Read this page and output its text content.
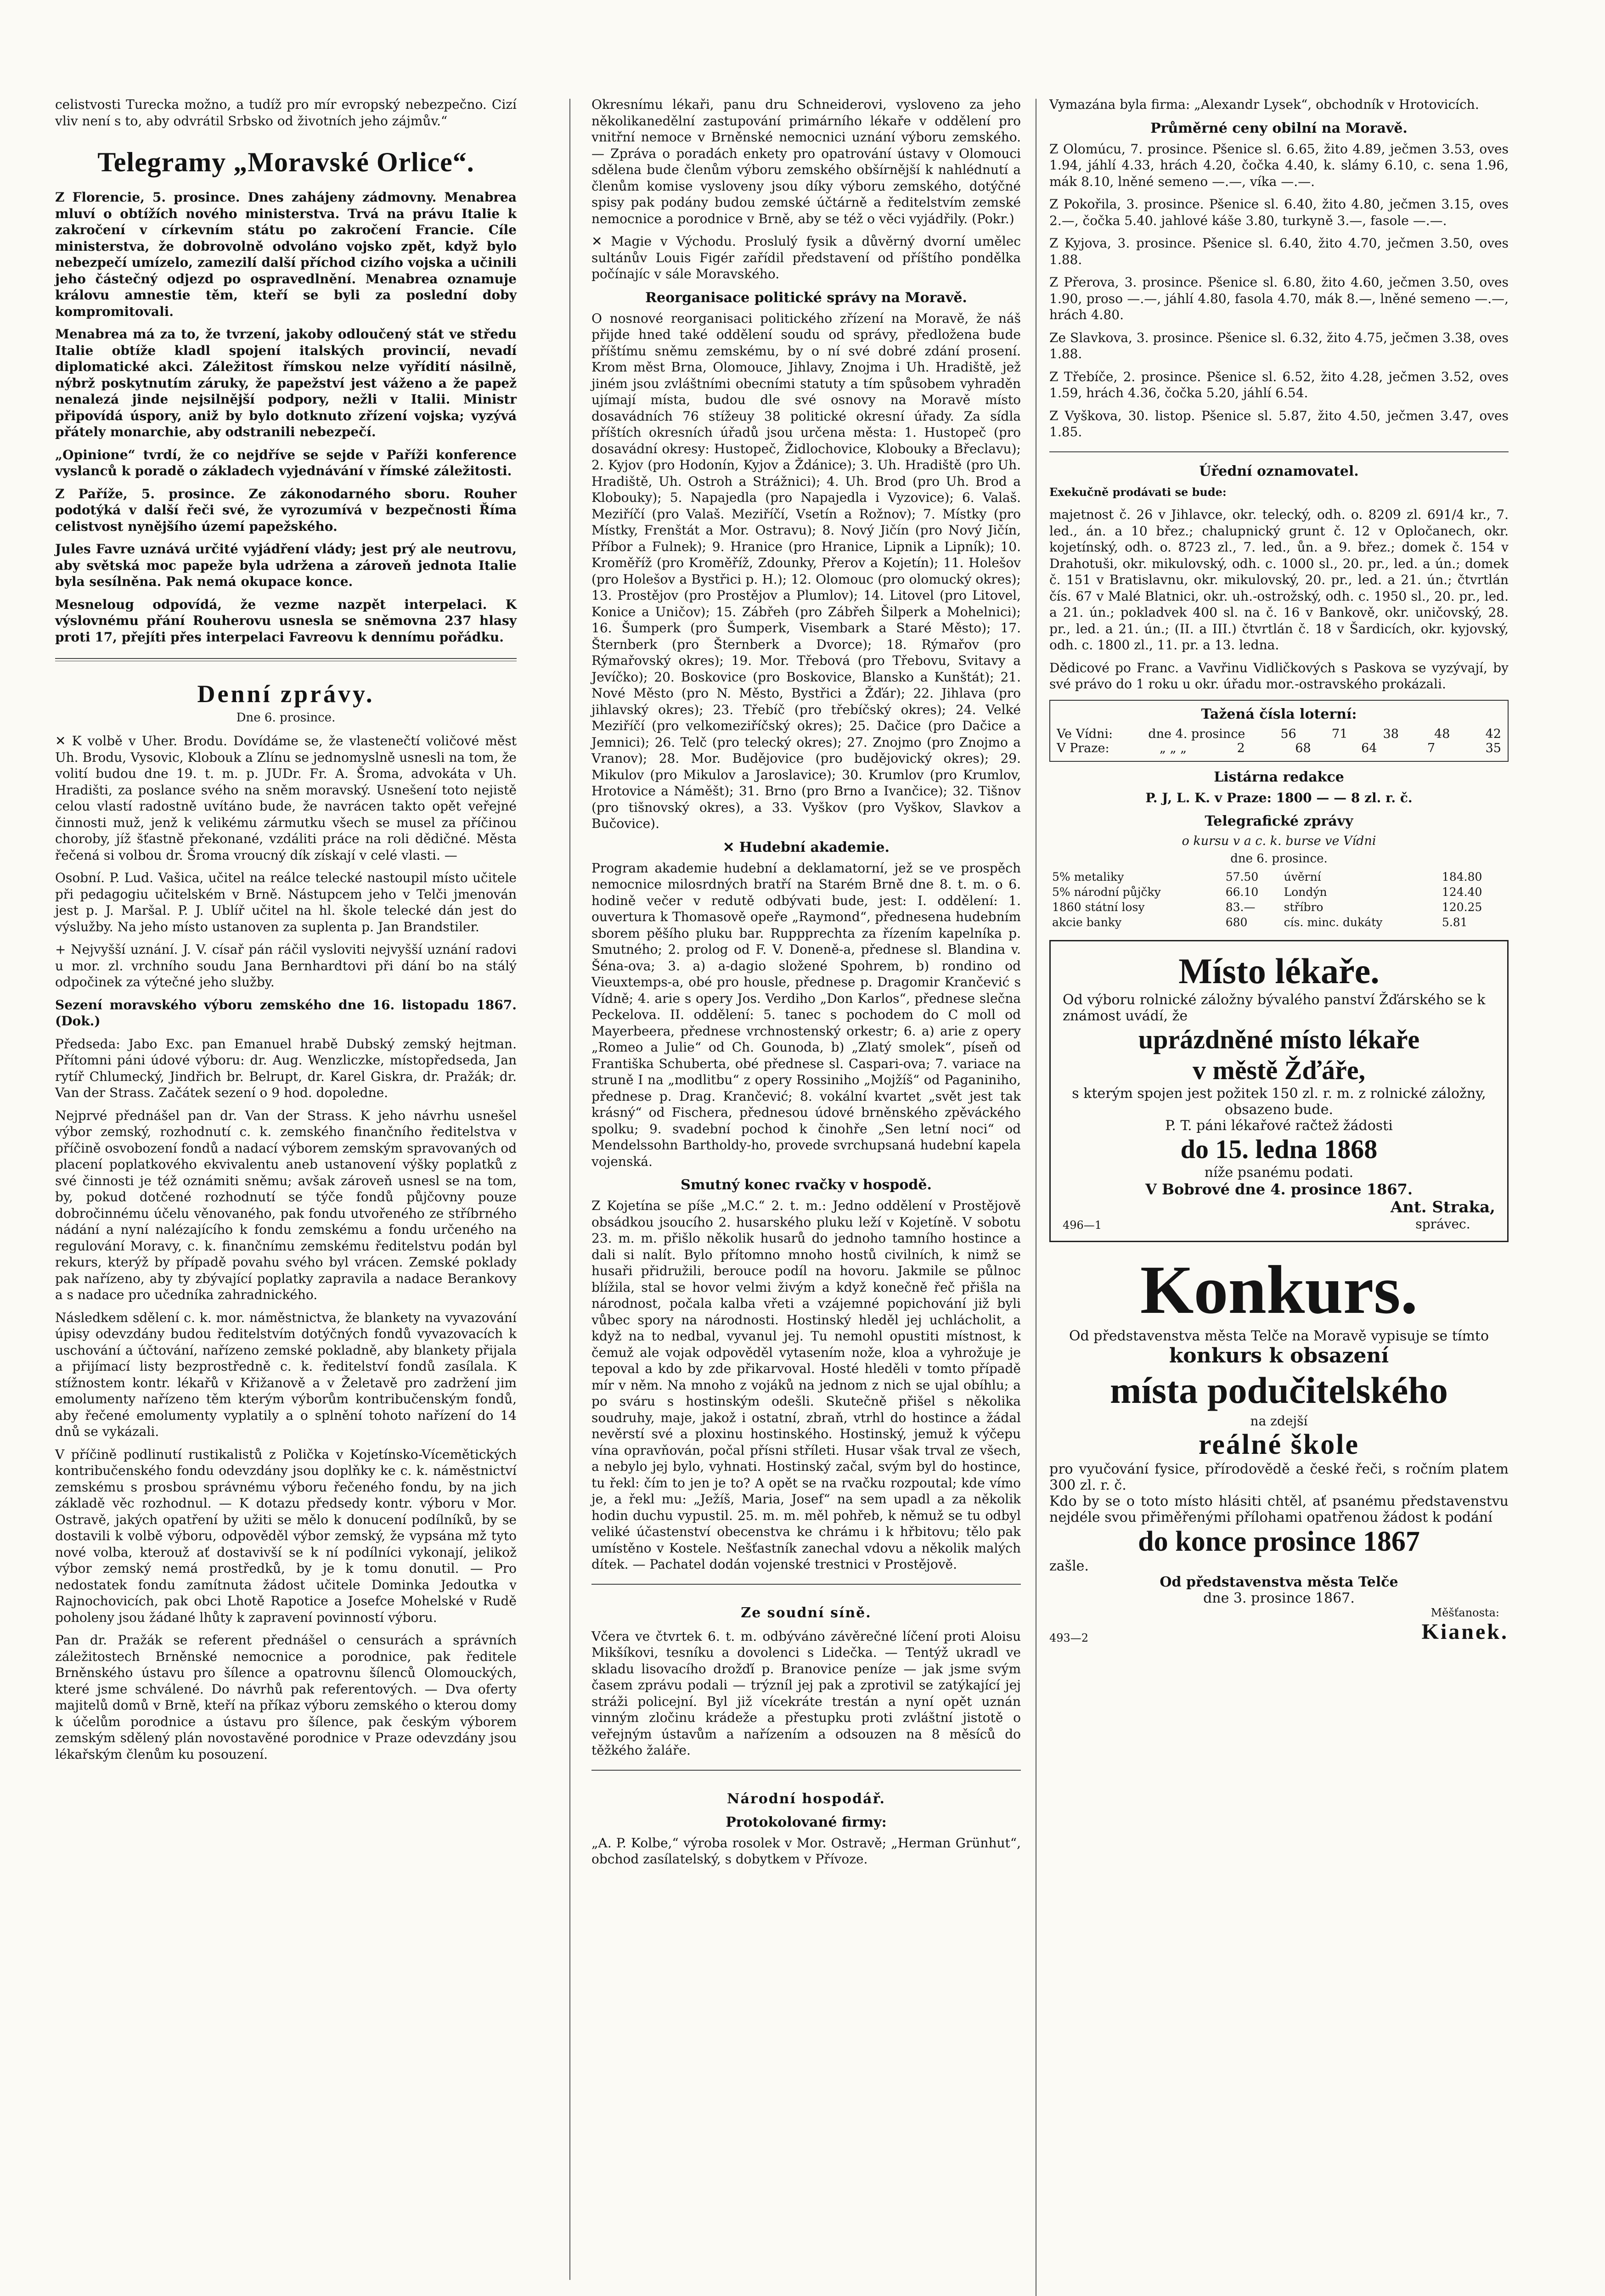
celistvosti Turecka možno, a tudíž pro mír evropský nebezpečno. Cizí vliv není s to, aby odvrátil Srbsko od životních jeho zájmův.“

Telegramy „Moravské Orlice“.

Z Florencie, 5. prosince. Dnes zahájeny zádmovny. Menabrea mluví o obtížích nového ministerstva. Trvá na právu Italie k zakročení v církevním státu po zakročení Francie. Cíle ministerstva, že dobrovolně odvoláno vojsko zpět, když bylo nebezpečí umízelo, zamezilí další příchod cizího vojska a učinili jeho částečný odjezd po ospravedlnění. Menabrea oznamuje královu amnestie těm, kteří se byli za poslední doby kompromitovali.

Menabrea má za to, že tvrzení, jakoby odloučený stát ve středu Italie obtíže kladl spojení italských provincií, nevadí diplomatické akci. Záležitost římskou nelze vyřídití násilně, nýbrž poskytnutím záruky, že papežství jest váženo a že papež nenalezá jinde nejsilnější podpory, nežli v Italii. Ministr připovídá úspory, aniž by bylo dotknuto zřízení vojska; vyzývá přátely monarchie, aby odstranili nebezpečí.

„Opinione“ tvrdí, že co nejdříve se sejde v Paříži konference vyslanců k poradě o základech vyjednávání v římské záležitosti.

Z Paříže, 5. prosince. Ze zákonodarného sboru. Rouher podotýká v další řeči své, že vyrozumívá v bezpečnosti Říma celistvost nynějšího území papežského.

Jules Favre uznává určité vyjádření vlády; jest prý ale neutrovu, aby světská moc papeže byla udržena a zároveň jednota Italie byla sesílněna. Pak nemá okupace konce.

Mesneloug odpovídá, že vezme nazpět interpelaci. K výslovnému přání Rouherovu usnesla se sněmovna 237 hlasy proti 17, přejíti přes interpelaci Favreovu k dennímu pořádku.

Denní zprávy.
Dne 6. prosince.

✕ K volbě v Uher. Brodu. Dovídáme se, že vlastenečtí voličové měst Uh. Brodu, Vysovic, Klobouk a Zlínu se jednomyslně usnesli na tom, že volití budou dne 19. t. m. p. JUDr. Fr. A. Šroma, advokáta v Uh. Hradišti, za poslance svého na sněm moravský. Usnešení toto nejistě celou vlastí radostně uvítáno bude, že navrácen takto opět veřejné činnosti muž, jenž k velikému zármutku všech se musel za příčinou choroby, jíž šťastně překonané, vzdáliti práce na roli dědičné. Města řečená si volbou dr. Šroma vroucný dík získají v celé vlasti. —

Osobní. P. Lud. Vašica, učitel na reálce telecké nastoupil místo učitele při pedagogiu učitelském v Brně. Nástupcem jeho v Telči jmenován jest p. J. Maršal. P. J. Ublíř učitel na hl. škole telecké dán jest do výslužby. Na jeho místo ustanoven za suplenta p. Jan Brandstiler.

+ Nejvyšší uznání. J. V. císař pán ráčil vysloviti nejvyšší uznání radovi u mor. zl. vrchního soudu Jana Bernhardtovi při dání bo na stálý odpočinek za výtečné jeho služby.

Sezení moravského výboru zemského dne 16. listopadu 1867. (Dok.)

Předseda: Jabo Exc. pan Emanuel hrabě Dubský zemský hejtman. Přítomni páni údové výboru: dr. Aug. Wenzliczke, místopředseda, Jan rytíř Chlumecký, Jindřich br. Belrupt, dr. Karel Giskra, dr. Pražák; dr. Van der Strass. Začátek sezení o 9 hod. dopoledne.

Nejprvé přednášel pan dr. Van der Strass. K jeho návrhu usnešel výbor zemský, rozhodnutí c. k. zemského finančního ředitelstva v příčině osvobození fondů a nadací výborem zemským spravovaných od placení poplatkového ekvivalentu aneb ustanovení výšky poplatků z své činnosti je též oznámiti sněmu; avšak zároveň usnesl se na tom, by, pokud dotčené rozhodnutí se týče fondů půjčovny pouze dobročinnému účelu věnovaného, pak fondu utvořeného ze stříbrného nádání a nyní nalézajícího k fondu zemskému a fondu určeného na regulování Moravy, c. k. finančnímu zemskému ředitelstvu podán byl rekurs, kterýž by případě povahu svého byl vrácen. Zemské poklady pak nařízeno, aby ty zbývající poplatky zapravila a nadace Berankovy a s nadace pro učedníka zahradnického.

Následkem sdělení c. k. mor. náměstnictva, že blankety na vyvazování úpisy odevzdány budou ředitelstvím dotýčných fondů vyvazovacích k uschování a účtování, nařízeno zemské pokladně, aby blankety přijala a přijímací listy bezprostředně c. k. ředitelství fondů zasílala. K stížnostem kontr. lékařů v Křižanově a v Želetavě pro zadržení jim emolumenty nařízeno těm kterým výborům kontribučenským fondů, aby řečené emolumenty vyplatily a o splnění tohoto nařízení do 14 dnů se vykázali.

V příčině podlinutí rustikalistů z Polička v Kojetínsko-Vícemětických kontribučenského fondu odevzdány jsou doplňky ke c. k. náměstnictví zemskému s prosbou správnému výboru řečeného fondu, by na jich základě věc rozhodnul. — K dotazu předsedy kontr. výboru v Mor. Ostravě, jakých opatření by užiti se mělo k donucení podílníků, by se dostavili k volbě výboru, odpověděl výbor zemský, že vypsána mž tyto nové volba, kterouž ať dostavivší se k ní podílníci vykonají, jelikož výbor zemský nemá prostředků, by je k tomu donutil. — Pro nedostatek fondu zamítnuta žádost učitele Dominka Jedoutka v Rajnochovicích, pak obci Lhotě Rapotice a Josefce Mohelské v Rudě poholeny jsou žádané lhůty k zapravení povinností výboru.

Pan dr. Pražák se referent přednášel o censurách a správních záležitostech Brněnské nemocnice a porodnice, pak ředitele Brněnského ústavu pro šílence a opatrovnu šílenců Olomouckých, které jsme schválené. Do návrhů pak referentových. — Dva oferty majitelů domů v Brně, kteří na příkaz výboru zemského o kterou domy k účelům porodnice a ústavu pro šílence, pak českým výborem zemským sdělený plán novostavěné porodnice v Praze odevzdány jsou lékařským členům ku posouzení.

Okresnímu lékaři, panu dru Schneiderovi, vysloveno za jeho několikanedělní zastupování primárního lékaře v oddělení pro vnitřní nemoce v Brněnské nemocnici uznání výboru zemského. — Zpráva o poradách enkety pro opatrování ústavy v Olomouci sdělena bude členům výboru zemského obšírnější k nahlédnutí a členům komise vysloveny jsou díky výboru zemského, dotýčné spisy pak podány budou zemské účtárně a ředitelstvím zemské nemocnice a porodnice v Brně, aby se též o věci vyjádřily. (Pokr.)

✕ Magie v Východu. Proslulý fysik a důvěrný dvorní umělec sultánův Louis Figér zařídil představení od příštího pondělka počínajíc v sále Moravského.

Reorganisace politické správy na Moravě.

O nosnové reorganisaci politického zřízení na Moravě, že náš přijde hned také oddělení soudu od správy, předložena bude příštímu sněmu zemskému, by o ní své dobré zdání prosení. Krom měst Brna, Olomouce, Jihlavy, Znojma i Uh. Hradiště, jež jiném jsou zvláštními obecními statuty a tím spůsobem vyhraděn ujímají místa, budou dle své osnovy na Moravě místo dosavádních 76 stížeuy 38 politické okresní úřady. Za sídla příštích okresních úřadů jsou určena města: 1. Hustopeč (pro dosavádní okresy: Hustopeč, Židlochovice, Klobouky a Břeclavu); 2. Kyjov (pro Hodonín, Kyjov a Ždánice); 3. Uh. Hradiště (pro Uh. Hradiště, Uh. Ostroh a Strážnici); 4. Uh. Brod (pro Uh. Brod a Klobouky); 5. Napajedla (pro Napajedla i Vyzovice); 6. Valaš. Meziříčí (pro Valaš. Meziříčí, Vsetín a Rožnov); 7. Místky (pro Místky, Frenštát a Mor. Ostravu); 8. Nový Jičín (pro Nový Jičín, Příbor a Fulnek); 9. Hranice (pro Hranice, Lipnik a Lipník); 10. Kroměříž (pro Kroměříž, Zdounky, Přerov a Kojetín); 11. Holešov (pro Holešov a Bystřici p. H.); 12. Olomouc (pro olomucký okres); 13. Prostějov (pro Prostějov a Plumlov); 14. Litovel (pro Litovel, Konice a Uničov); 15. Zábřeh (pro Zábřeh Šilperk a Mohelnici); 16. Šumperk (pro Šumperk, Visembark a Staré Město); 17. Šternberk (pro Šternberk a Dvorce); 18. Rýmařov (pro Rýmařovský okres); 19. Mor. Třebová (pro Třebovu, Svitavy a Jevíčko); 20. Boskovice (pro Boskovice, Blansko a Kunštát); 21. Nové Město (pro N. Město, Bystřici a Žďár); 22. Jihlava (pro jihlavský okres); 23. Třebíč (pro třebíčský okres); 24. Velké Meziříčí (pro velkomeziříčský okres); 25. Dačice (pro Dačice a Jemnici); 26. Telč (pro telecký okres); 27. Znojmo (pro Znojmo a Vranov); 28. Mor. Budějovice (pro budějovický okres); 29. Mikulov (pro Mikulov a Jaroslavice); 30. Krumlov (pro Krumlov, Hrotovice a Náměšt); 31. Brno (pro Brno a Ivančice); 32. Tišnov (pro tišnovský okres), a 33. Vyškov (pro Vyškov, Slavkov a Bučovice).

✕ Hudební akademie.

Program akademie hudební a deklamatorní, jež se ve prospěch nemocnice milosrdných bratří na Starém Brně dne 8. t. m. o 6. hodině večer v redutě odbývati bude, jest: I. oddělení: 1. ouvertura k Thomasově opeře „Raymond“, přednesena hudebním sborem pěšího pluku bar. Ruppprechta za řízením kapelníka p. Smutného; 2. prolog od F. V. Doneně-a, přednese sl. Blandina v. Šéna-ova; 3. a) a-dagio složené Spohrem, b) rondino od Vieuxtemps-a, obé pro housle, přednese p. Dragomir Krančević s Vídně; 4. arie s opery Jos. Verdiho „Don Karlos“, přednese slečna Peckelova. II. oddělení: 5. tanec s pochodem do C moll od Mayerbeera, přednese vrchnostenský orkestr; 6. a) arie z opery „Romeo a Julie“ od Ch. Gounoda, b) „Zlatý smolek“, píseň od Františka Schuberta, obé přednese sl. Caspari-ova; 7. variace na struně I na „modlitbu“ z opery Rossiniho „Mojžíš“ od Paganiniho, přednese p. Drag. Krančević; 8. vokální kvartet „svět jest tak krásný“ od Fischera, přednesou údové brněnského zpěváckého spolku; 9. svadební pochod k činohře „Sen letní noci“ od Mendelssohn Bartholdy-ho, provede svrchupsaná hudební kapela vojenská.

Smutný konec rvačky v hospodě.

Z Kojetína se píše „M.C.“ 2. t. m.: Jedno oddělení v Prostějově obsádkou jsoucího 2. husarského pluku leží v Kojetíně. V sobotu 23. m. m. přišlo několik husarů do jednoho tamního hostince a dali si nalít. Bylo přítomno mnoho hostů civilních, k nimž se husaři přidružili, berouce podíl na hovoru. Jakmile se půlnoc blížila, stal se hovor velmi živým a když konečně řeč přišla na národnost, počala kalba vřeti a vzájemné popichování již byli vůbec spory na národnosti. Hostinský hleděl jej uchlácholit, a když na to nedbal, vyvanul jej. Tu nemohl opustiti místnost, k čemuž ale vojak odpověděl vytasením nože, kloa a vyhrožuje je tepoval a kdo by zde přikarvoval. Hosté hleděli v tomto případě mír v něm. Na mnoho z vojáků na jednom z nich se ujal obíhlu; a po sváru s hostinským odešli. Skutečně přišel s několika soudruhy, maje, jakož i ostatní, zbraň, vtrhl do hostince a žádal nevěrstí své a ploxinu hostinského. Hostinský, jemuž k výčepu vína opravňován, počal přísni stříleti. Husar však trval ze všech, a nebylo jej bylo, vyhnati. Hostinský začal, svým byl do hostince, tu řekl: čím to jen je to? A opět se na rvačku rozpoutal; kde vímo je, a řekl mu: „Ježíš, Maria, Josef“ na sem upadl a za několik hodin duchu vypustil. 25. m. m. měl pohřeb, k němuž se tu odbyl veliké účastenství obecenstva ke chrámu i k hřbitovu; tělo pak umístěno v Kostele. Nešťastník zanechal vdovu a několik malých dítek. — Pachatel dodán vojenské trestnici v Prostějově.

Ze soudní síně.

Včera ve čtvrtek 6. t. m. odbýváno závěrečné líčení proti Aloisu Mikšíkovi, tesníku a dovolenci s Lidečka. — Tentýž ukradl ve skladu lisovacího drožďí p. Branovice peníze — jak jsme svým časem zprávu podali — trýzníl jej pak a zprotivil se zatýkající jej stráži policejní. Byl již vícekráte trestán a nyní opět uznán vinným zločinu krádeže a přestupku proti zvláštní jistotě o veřejným ústavům a nařízením a odsouzen na 8 měsíců do těžkého žaláře.

Národní hospodář.
Protokolované firmy:

„A. P. Kolbe,“ výroba rosolek v Mor. Ostravě; „Herman Grünhut“, obchod zasílatelský, s dobytkem v Přívoze.

Vymazána byla firma: „Alexandr Lysek“, obchodník v Hrotovicích.

Průměrné ceny obilní na Moravě.

Z Olomúcu, 7. prosince. Pšenice sl. 6.65, žito 4.89, ječmen 3.53, oves 1.94, jáhlí 4.33, hrách 4.20, čočka 4.40, k. slámy 6.10, c. sena 1.96, mák 8.10, lněné semeno —.—, víka —.—.

Z Pokořila, 3. prosince. Pšenice sl. 6.40, žito 4.80, ječmen 3.15, oves 2.—, čočka 5.40. jahlové káše 3.80, turkyně 3.—, fasole —.—.

Z Kyjova, 3. prosince. Pšenice sl. 6.40, žito 4.70, ječmen 3.50, oves 1.88.

Z Přerova, 3. prosince. Pšenice sl. 6.80, žito 4.60, ječmen 3.50, oves 1.90, proso —.—, jáhlí 4.80, fasola 4.70, mák 8.—, lněné semeno —.—, hrách 4.80.

Ze Slavkova, 3. prosince. Pšenice sl. 6.32, žito 4.75, ječmen 3.38, oves 1.88.

Z Třebíče, 2. prosince. Pšenice sl. 6.52, žito 4.28, ječmen 3.52, oves 1.59, hrách 4.36, čočka 5.20, jáhlí 6.54.

Z Vyškova, 30. listop. Pšenice sl. 5.87, žito 4.50, ječmen 3.47, oves 1.85.

Úřední oznamovatel.

Exekučně prodávati se bude:

majetnost č. 26 v Jihlavce, okr. telecký, odh. o. 8209 zl. 691/4 kr., 7. led., án. a 10 břez.; chalupnický grunt č. 12 v Opločanech, okr. kojetínský, odh. o. 8723 zl., 7. led., ůn. a 9. břez.; domek č. 154 v Drahotuši, okr. mikulovský, odh. c. 1000 sl., 20. pr., led. a ún.; domek č. 151 v Bratislavnu, okr. mikulovský, 20. pr., led. a 21. ún.; čtvrtlán čís. 67 v Malé Blatnici, okr. uh.-ostrožský, odh. c. 1950 sl., 20. pr., led. a 21. ún.; pokladvek 400 sl. na č. 16 v Bankově, okr. uničovský, 28. pr., led. a 21. ún.; (II. a III.) čtvrtlán č. 18 v Šardicích, okr. kyjovský, odh. c. 1800 zl., 11. pr. a 13. ledna.

Dědicové po Franc. a Vavřinu Vidličkových s Paskova se vyzývají, by své právo do 1 roku u okr. úřadu mor.-ostravského prokázali.

Tažená čísla loterní:
Ve Vídni:	dne 4. prosince	56	71	38	48	42
V Praze:	„ „ „	2	68	64	7	35
Listárna redakce

P. J, L. K. v Praze: 1800 — — 8 zl. r. č.

Telegrafické zprávy
o kursu v a c. k. burse ve Vídni
dne 6. prosince.
5% metaliky	57.50	úvěrní	184.80
5% národní půjčky	66.10	Londýn	124.40
1860 státní losy	83.—	stříbro	120.25
akcie banky	680	cís. minc. dukáty	5.81
Místo lékaře.
Od výboru rolnické záložny bývalého panství Žďárského se k známost uvádí, že
uprázdněné místo lékaře
v městě Žďáře,
s kterým spojen jest požitek 150 zl. r. m. z rolnické záložny, obsazeno bude.
P. T. páni lékařové račtež žádosti
do 15. ledna 1868
níže psanému podati.
V Bobrové dne 4. prosince 1867.
496—1
Ant. Straka,
správec.
Konkurs.
Od představenstva města Telče na Moravě vypisuje se tímto
konkurs k obsazení
místa podučitelského
na zdejší
reálné škole
pro vyučování fysice, přírodovědě a české řeči, s ročním platem 300 zl. r. č.
Kdo by se o toto místo hlásiti chtěl, ať psanému představenstvu nejdéle svou přiměřenými přílohami opatřenou žádost k podání
do konce prosince 1867
zašle.
Od představenstva města Telče
dne 3. prosince 1867.
493—2
Měšťanosta:
Kianek.
